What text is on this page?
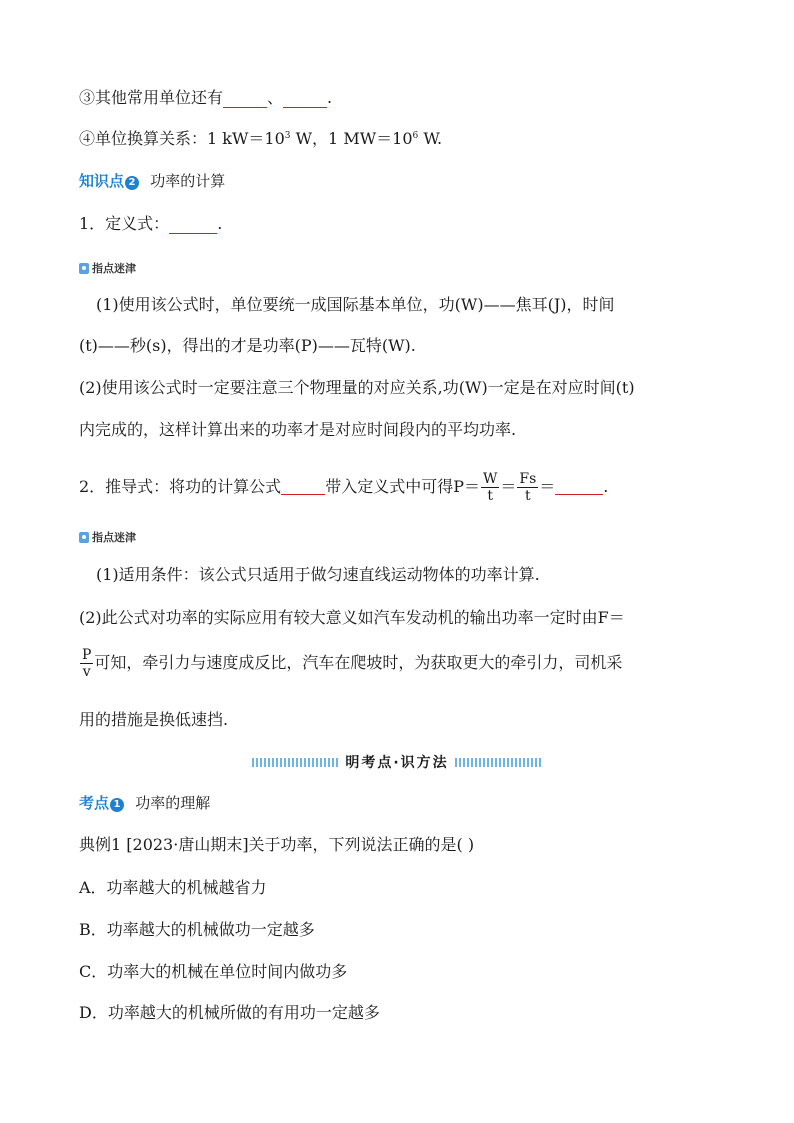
③其他常用单位还有	、	.
④单位换算关系：1 $kW=10^3$ W，1 $MW=10^6$ W.
知识点 2 功率的计算
1．定义式：	.
指点迷津
(1)使用该公式时，单位要统一成国际基本单位，功(W)——焦耳(J)，时间
(t)——秒(s)，得出的才是功率(P)——瓦特(W).
(2)使用该公式时一定要注意三个物理量的对应关系,功(W)一定是在对应时间(t)
内完成的，这样计算出来的功率才是对应时间段内的平均功率.
2．推导式：将功的计算公式	带入定义式中可得$P= \frac{W}{t} = \frac{Fs}{t}$ ＝	.
指点迷津
(1)适用条件：该公式只适用于做匀速直线运动物体的功率计算.
(2)此公式对功率的实际应用有较大意义如汽车发动机的输出功率一定时由F＝
$\frac{P}{v}$ 可知，牵引力与速度成反比，汽车在爬坡时，为获取更大的牵引力，司机采
用的措施是换低速挡.
明考点·识方法
考点 1 功率的理解
典例1 [2023·唐山期末]关于功率，下列说法正确的是( )
A．功率越大的机械越省力
B．功率越大的机械做功一定越多
C．功率大的机械在单位时间内做功多
D．功率越大的机械所做的有用功一定越多
